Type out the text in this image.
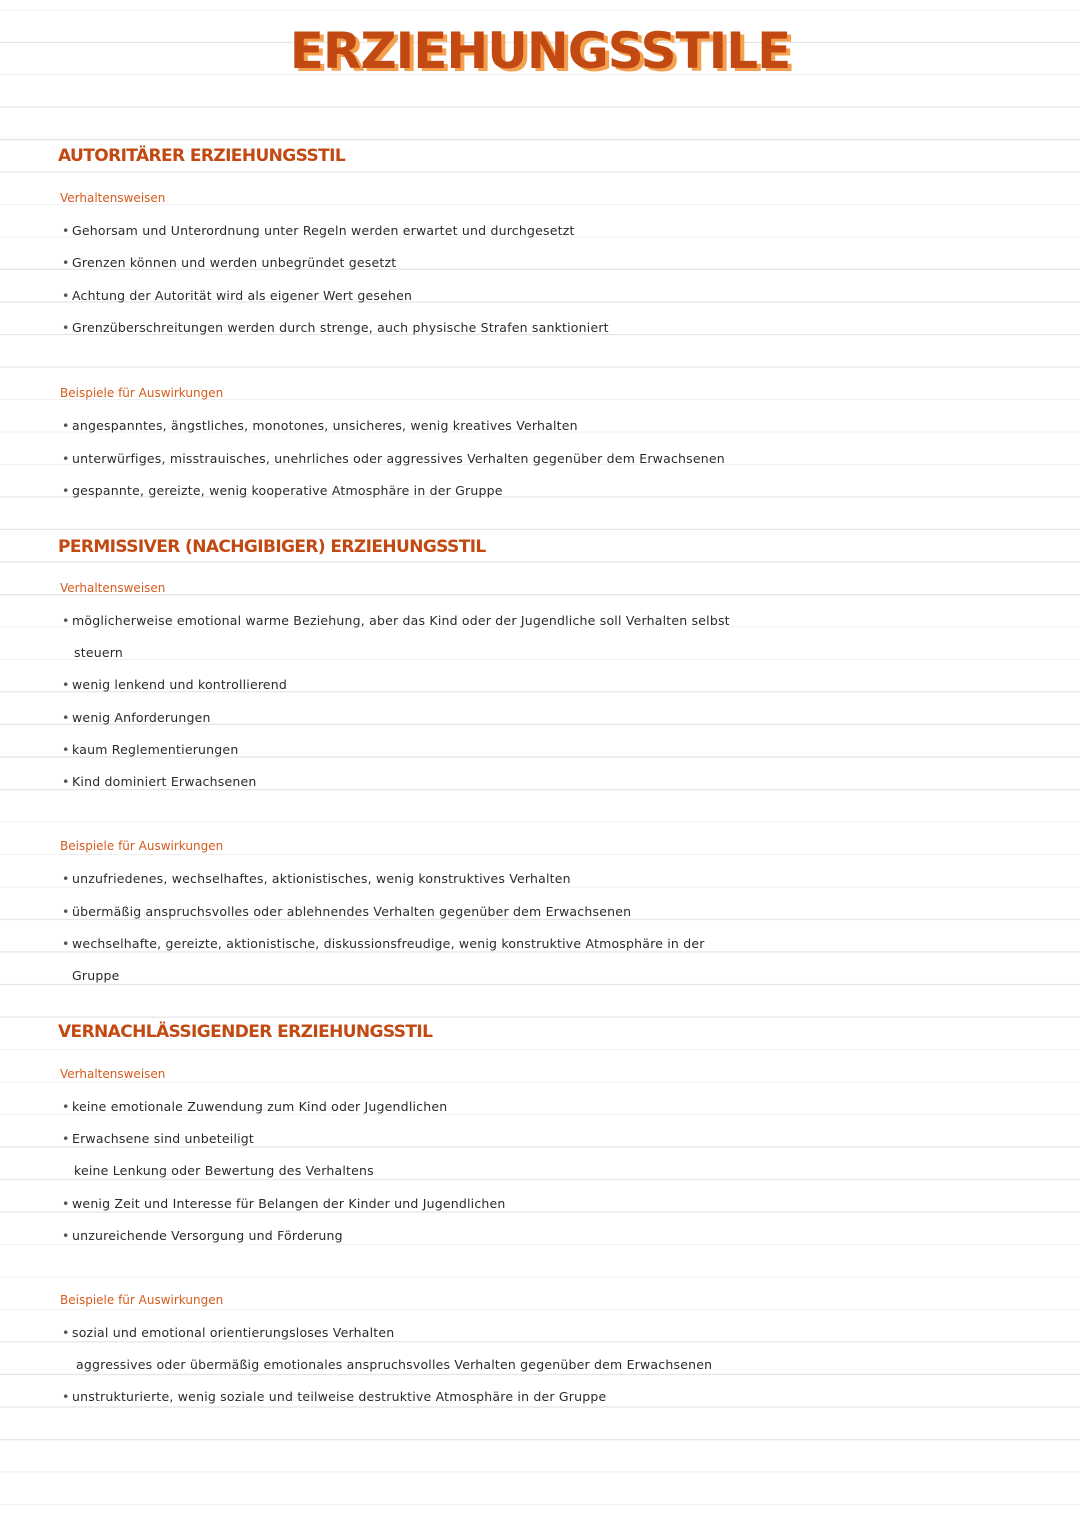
ERZIEHUNGSSTILE
AUTORITÄRER ERZIEHUNGSSTIL
Verhaltensweisen
• Gehorsam und Unterordnung unter Regeln werden erwartet und durchgesetzt
• Grenzen können und werden unbegründet gesetzt
• Achtung der Autorität wird als eigener Wert gesehen
• Grenzüberschreitungen werden durch strenge, auch physische Strafen sanktioniert
Beispiele für Auswirkungen
• angespanntes, ängstliches, monotones, unsicheres, wenig kreatives Verhalten
• unterwürfiges, misstrauisches, unehrliches oder aggressives Verhalten gegenüber dem Erwachsenen
• gespannte, gereizte, wenig kooperative Atmosphäre in der Gruppe
PERMISSIVER (NACHGIBIGER) ERZIEHUNGSSTIL
Verhaltensweisen
• möglicherweise emotional warme Beziehung, aber das Kind oder der Jugendliche soll Verhalten selbst
steuern
• wenig lenkend und kontrollierend
• wenig Anforderungen
• kaum Reglementierungen
• Kind dominiert Erwachsenen
Beispiele für Auswirkungen
• unzufriedenes, wechselhaftes, aktionistisches, wenig konstruktives Verhalten
• übermäßig anspruchsvolles oder ablehnendes Verhalten gegenüber dem Erwachsenen
• wechselhafte, gereizte, aktionistische, diskussionsfreudige, wenig konstruktive Atmosphäre in der
Gruppe
VERNACHLÄSSIGENDER ERZIEHUNGSSTIL
Verhaltensweisen
• keine emotionale Zuwendung zum Kind oder Jugendlichen
• Erwachsene sind unbeteiligt
keine Lenkung oder Bewertung des Verhaltens
• wenig Zeit und Interesse für Belangen der Kinder und Jugendlichen
• unzureichende Versorgung und Förderung
Beispiele für Auswirkungen
• sozial und emotional orientierungsloses Verhalten
aggressives oder übermäßig emotionales anspruchsvolles Verhalten gegenüber dem Erwachsenen
• unstrukturierte, wenig soziale und teilweise destruktive Atmosphäre in der Gruppe
